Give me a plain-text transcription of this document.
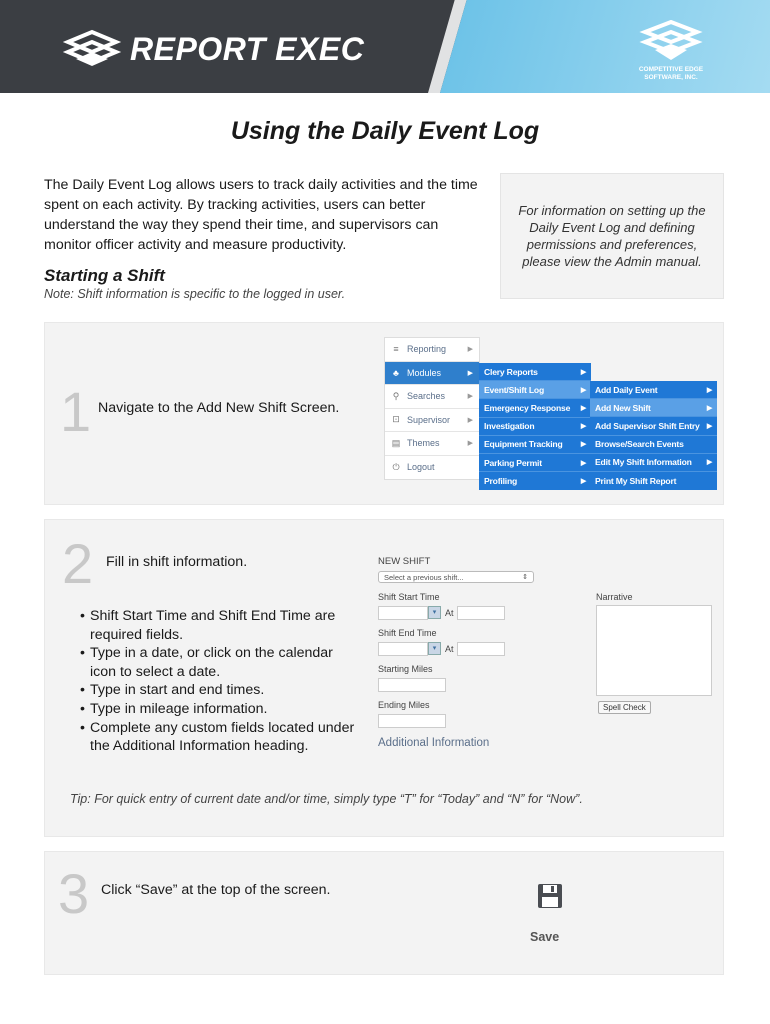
REPORT EXEC
COMPETITIVE EDGE
SOFTWARE, INC.
Using the Daily Event Log

The Daily Event Log allows users to track daily activities and the time spent on each activity. By tracking activities, users can better understand the way they spend their time, and supervisors can monitor officer activity and measure productivity.

For information on setting up the Daily Event Log and defining permissions and preferences, please view the Admin manual.
Starting a Shift
Note: Shift information is specific to the logged in user.
1 Navigate to the Add New Shift Screen.
≡ Reporting	▶
♣ Modules	▶
⚲ Searches	▶
⊡ Supervisor	▶
▤ Themes	▶
⏻ Logout
Clery Reports	▶
Event/Shift Log	▶
Emergency Response ▶
Investigation	▶
Equipment Tracking	▶
Parking Permit	▶
Profiling	▶
Add Daily Event	▶
Add New Shift	▶
Add Supervisor Shift Entry ▶
Browse/Search Events
Edit My Shift Information ▶
Print My Shift Report
2 Fill in shift information.
• Shift Start Time and Shift End Time are required fields.
• Type in a date, or click on the calendar icon to select a date.
• Type in start and end times.
• Type in mileage information.
• Complete any custom fields located under the Additional Information heading.
NEW SHIFT
Select a previous shift...	⇕
Shift Start Time
▾ At
Shift End Time
▾ At
Starting Miles
Ending Miles
Additional Information
Narrative
Spell Check
Tip: For quick entry of current date and/or time, simply type “T” for “Today” and “N” for “Now”.
3 Click “Save” at the top of the screen.
Save
